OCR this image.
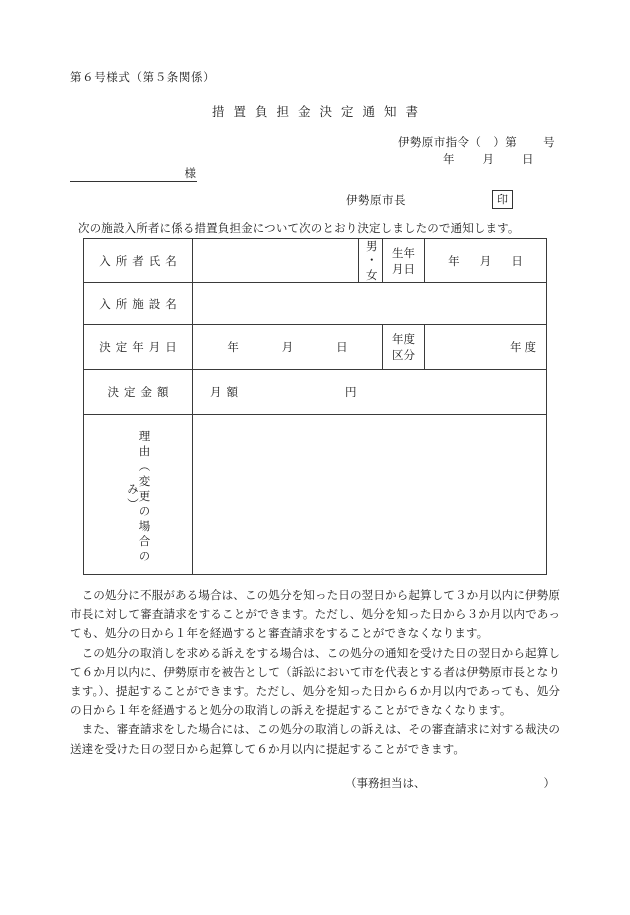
第６号様式（第５条関係）
措置負担金決定通知書
伊勢原市指令（ ）第 号
年 月 日
様
伊勢原市長	印
次の施設入所者に係る措置負担金について次のとおり決定しましたので通知します。
入所者氏名		男
・
女	生年月日	年 月 日

入所施設名				
決定年月日	年 月 日		年度区分	年度
決定金額	月額 円			

理由（変更の場合のみ）				

この処分に不服がある場合は、この処分を知った日の翌日から起算して３か月以内に伊勢原市長に対して審査請求をすることができます。ただし、処分を知った日から３か月以内であっても、処分の日から１年を経過すると審査請求をすることができなくなります。

この処分の取消しを求める訴えをする場合は、この処分の通知を受けた日の翌日から起算して６か月以内に、伊勢原市を被告として（訴訟において市を代表とする者は伊勢原市長となります。）、提起することができます。ただし、処分を知った日から６か月以内であっても、処分の日から１年を経過すると処分の取消しの訴えを提起することができなくなります。

また、審査請求をした場合には、この処分の取消しの訴えは、その審査請求に対する裁決の送達を受けた日の翌日から起算して６か月以内に提起することができます。

（事務担当は、	）
